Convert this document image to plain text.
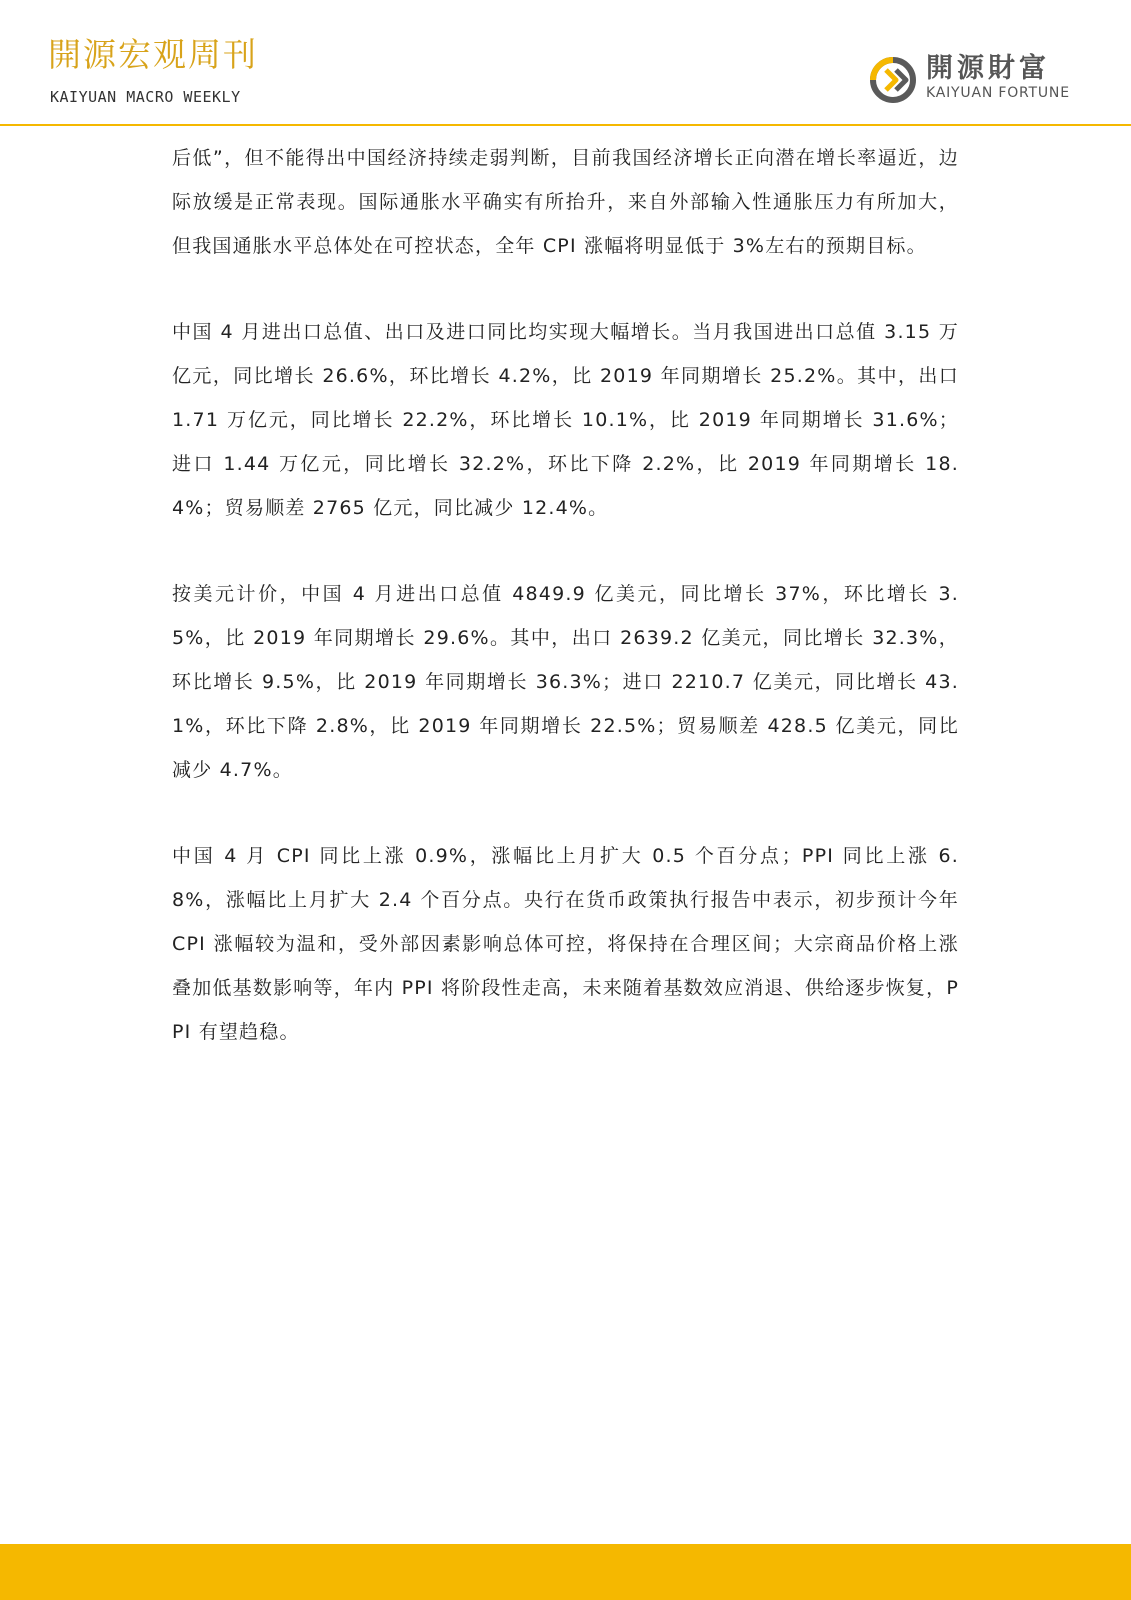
開源宏观周刊
KAIYUAN MACRO WEEKLY
開源財富
KAIYUAN FORTUNE

后低”，但不能得出中国经济持续走弱判断，目前我国经济增长正向潜在增长率逼近，边际放缓是正常表现。国际通胀水平确实有所抬升，来自外部输入性通胀压力有所加大，但我国通胀水平总体处在可控状态，全年 CPI 涨幅将明显低于 3%左右的预期目标。

中国 4 月进出口总值、出口及进口同比均实现大幅增长。当月我国进出口总值 3.15 万亿元，同比增长 26.6%，环比增长 4.2%，比 2019 年同期增长 25.2%。其中，出口 1.71 万亿元，同比增长 22.2%，环比增长 10.1%，比 2019 年同期增长 31.6%；进口 1.44 万亿元，同比增长 32.2%，环比下降 2.2%，比 2019 年同期增长 18.4%；贸易顺差 2765 亿元，同比减少 12.4%。

按美元计价，中国 4 月进出口总值 4849.9 亿美元，同比增长 37%，环比增长 3.5%，比 2019 年同期增长 29.6%。其中，出口 2639.2 亿美元，同比增长 32.3%，环比增长 9.5%，比 2019 年同期增长 36.3%；进口 2210.7 亿美元，同比增长 43.1%，环比下降 2.8%，比 2019 年同期增长 22.5%；贸易顺差 428.5 亿美元，同比减少 4.7%。

中国 4 月 CPI 同比上涨 0.9%，涨幅比上月扩大 0.5 个百分点；PPI 同比上涨 6.8%，涨幅比上月扩大 2.4 个百分点。央行在货币政策执行报告中表示，初步预计今年 CPI 涨幅较为温和，受外部因素影响总体可控，将保持在合理区间；大宗商品价格上涨叠加低基数影响等，年内 PPI 将阶段性走高，未来随着基数效应消退、供给逐步恢复，PPI 有望趋稳。
